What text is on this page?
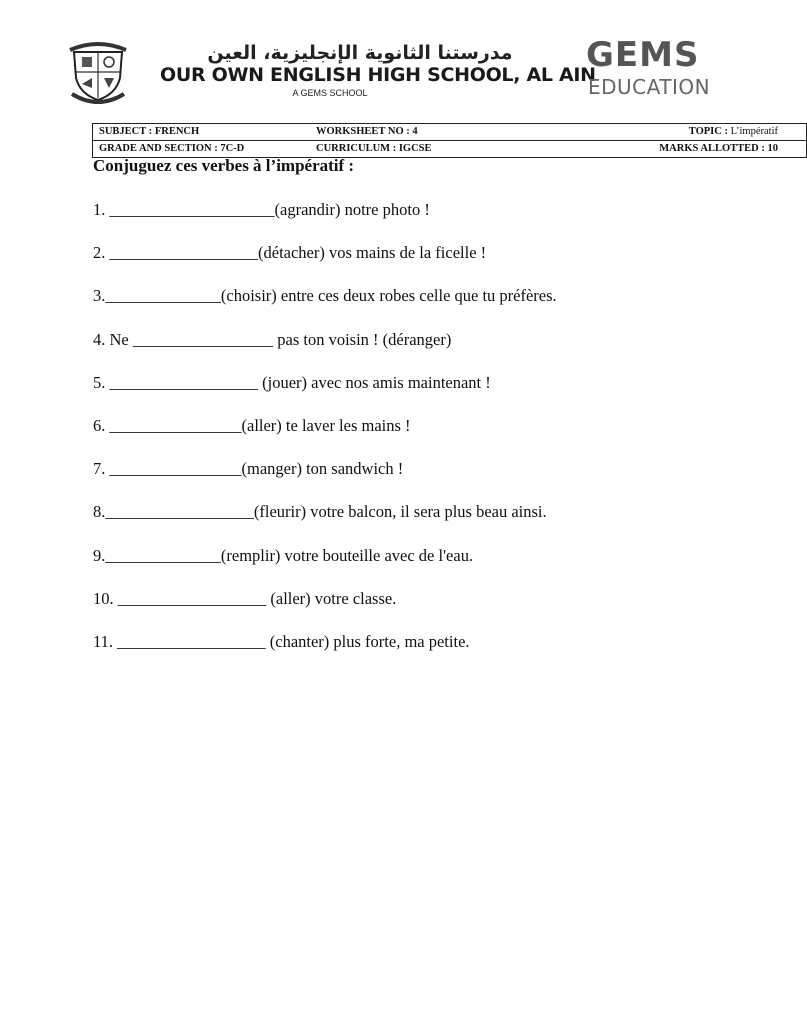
مدرستنا الثانوية الإنجليزية، العين
OUR OWN ENGLISH HIGH SCHOOL, AL AIN
A GEMS SCHOOL
GEMS
EDUCATION
SUBJECT : FRENCH	WORKSHEET NO : 4	TOPIC : L’impératif
GRADE AND SECTION : 7C-D	CURRICULUM : IGCSE	MARKS ALLOTTED : 10
Conjuguez ces verbes à l’impératif :
1. ____________________(agrandir) notre photo !
2. __________________(détacher) vos mains de la ficelle !
3.______________(choisir) entre ces deux robes celle que tu préfères.
4. Ne _________________ pas ton voisin ! (déranger)
5. __________________ (jouer) avec nos amis maintenant !
6. ________________(aller) te laver les mains !
7. ________________(manger) ton sandwich !
8.__________________(fleurir) votre balcon, il sera plus beau ainsi.
9.______________(remplir) votre bouteille avec de l'eau.
10. __________________ (aller) votre classe.
11. __________________ (chanter) plus forte, ma petite.
